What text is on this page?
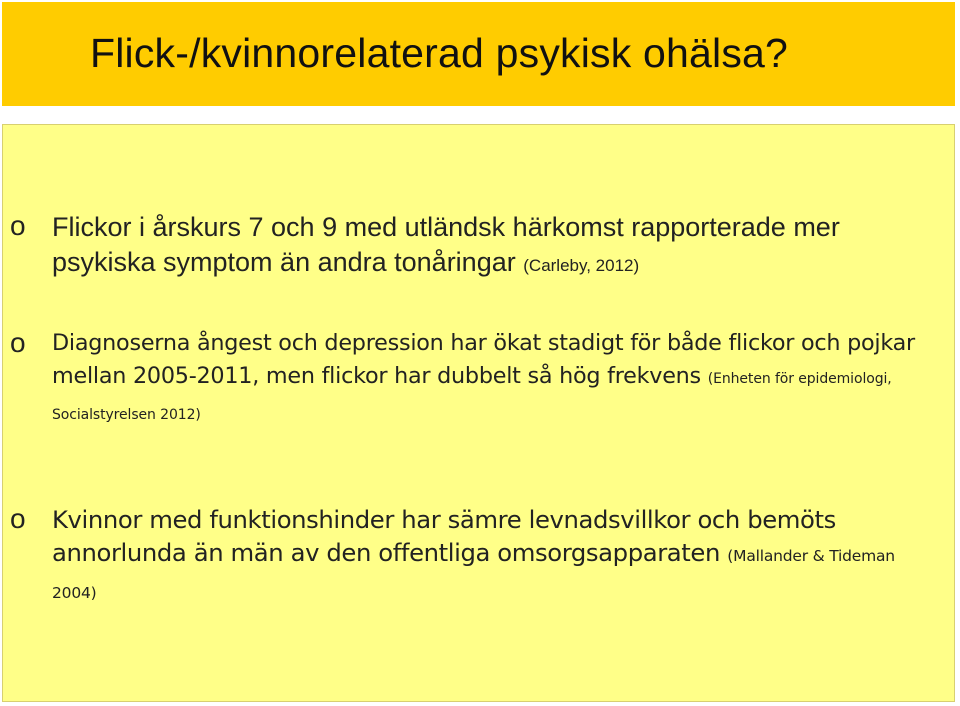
Flick-/kvinnorelaterad psykisk ohälsa?
o Flickor i årskurs 7 och 9 med utländsk härkomst rapporterade mer psykiska symptom än andra tonåringar (Carleby, 2012)
o Diagnoserna ångest och depression har ökat stadigt för både flickor och pojkar mellan 2005-2011, men flickor har dubbelt så hög frekvens (Enheten för epidemiologi, Socialstyrelsen 2012)
o Kvinnor med funktionshinder har sämre levnadsvillkor och bemöts annorlunda än män av den offentliga omsorgsapparaten (Mallander & Tideman 2004)
